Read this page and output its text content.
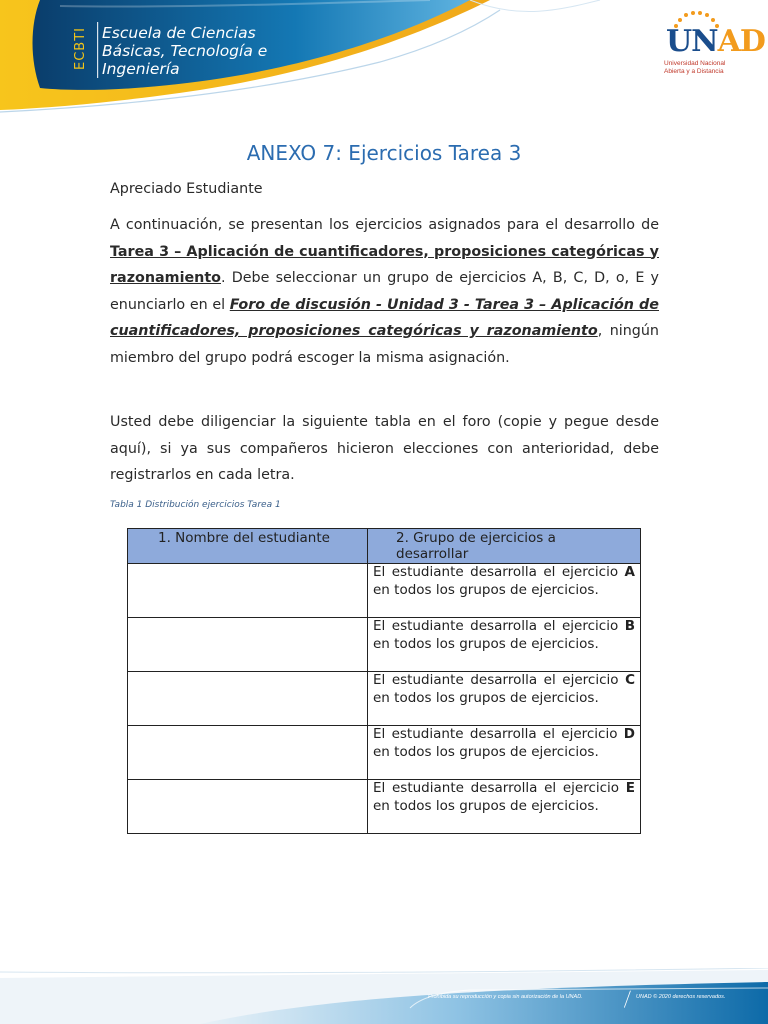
ECBTI Escuela de Ciencias
Básicas, Tecnología e
Ingeniería
UNAD
Universidad Nacional
Abierta y a Distancia
ANEXO 7: Ejercicios Tarea 3
Apreciado Estudiante
A continuación, se presentan los ejercicios asignados para el desarrollo de Tarea 3 – Aplicación de cuantificadores, proposiciones categóricas y razonamiento. Debe seleccionar un grupo de ejercicios A, B, C, D, o, E y enunciarlo en el Foro de discusión - Unidad 3 - Tarea 3 – Aplicación de cuantificadores, proposiciones categóricas y razonamiento, ningún miembro del grupo podrá escoger la misma asignación.
Usted debe diligenciar la siguiente tabla en el foro (copie y pegue desde aquí), si ya sus compañeros hicieron elecciones con anterioridad, debe registrarlos en cada letra.
Tabla 1 Distribución ejercicios Tarea 1
1. Nombre del estudiante	2. Grupo de ejercicios a desarrollar

	El estudiante desarrolla el ejercicio A en todos los grupos de ejercicios.
	El estudiante desarrolla el ejercicio B en todos los grupos de ejercicios.
	El estudiante desarrolla el ejercicio C en todos los grupos de ejercicios.
	El estudiante desarrolla el ejercicio D en todos los grupos de ejercicios.
	El estudiante desarrolla el ejercicio E en todos los grupos de ejercicios.
Prohibida su reproducción y copia sin autorización de la UNAD.	UNAD © 2020 derechos reservados.
